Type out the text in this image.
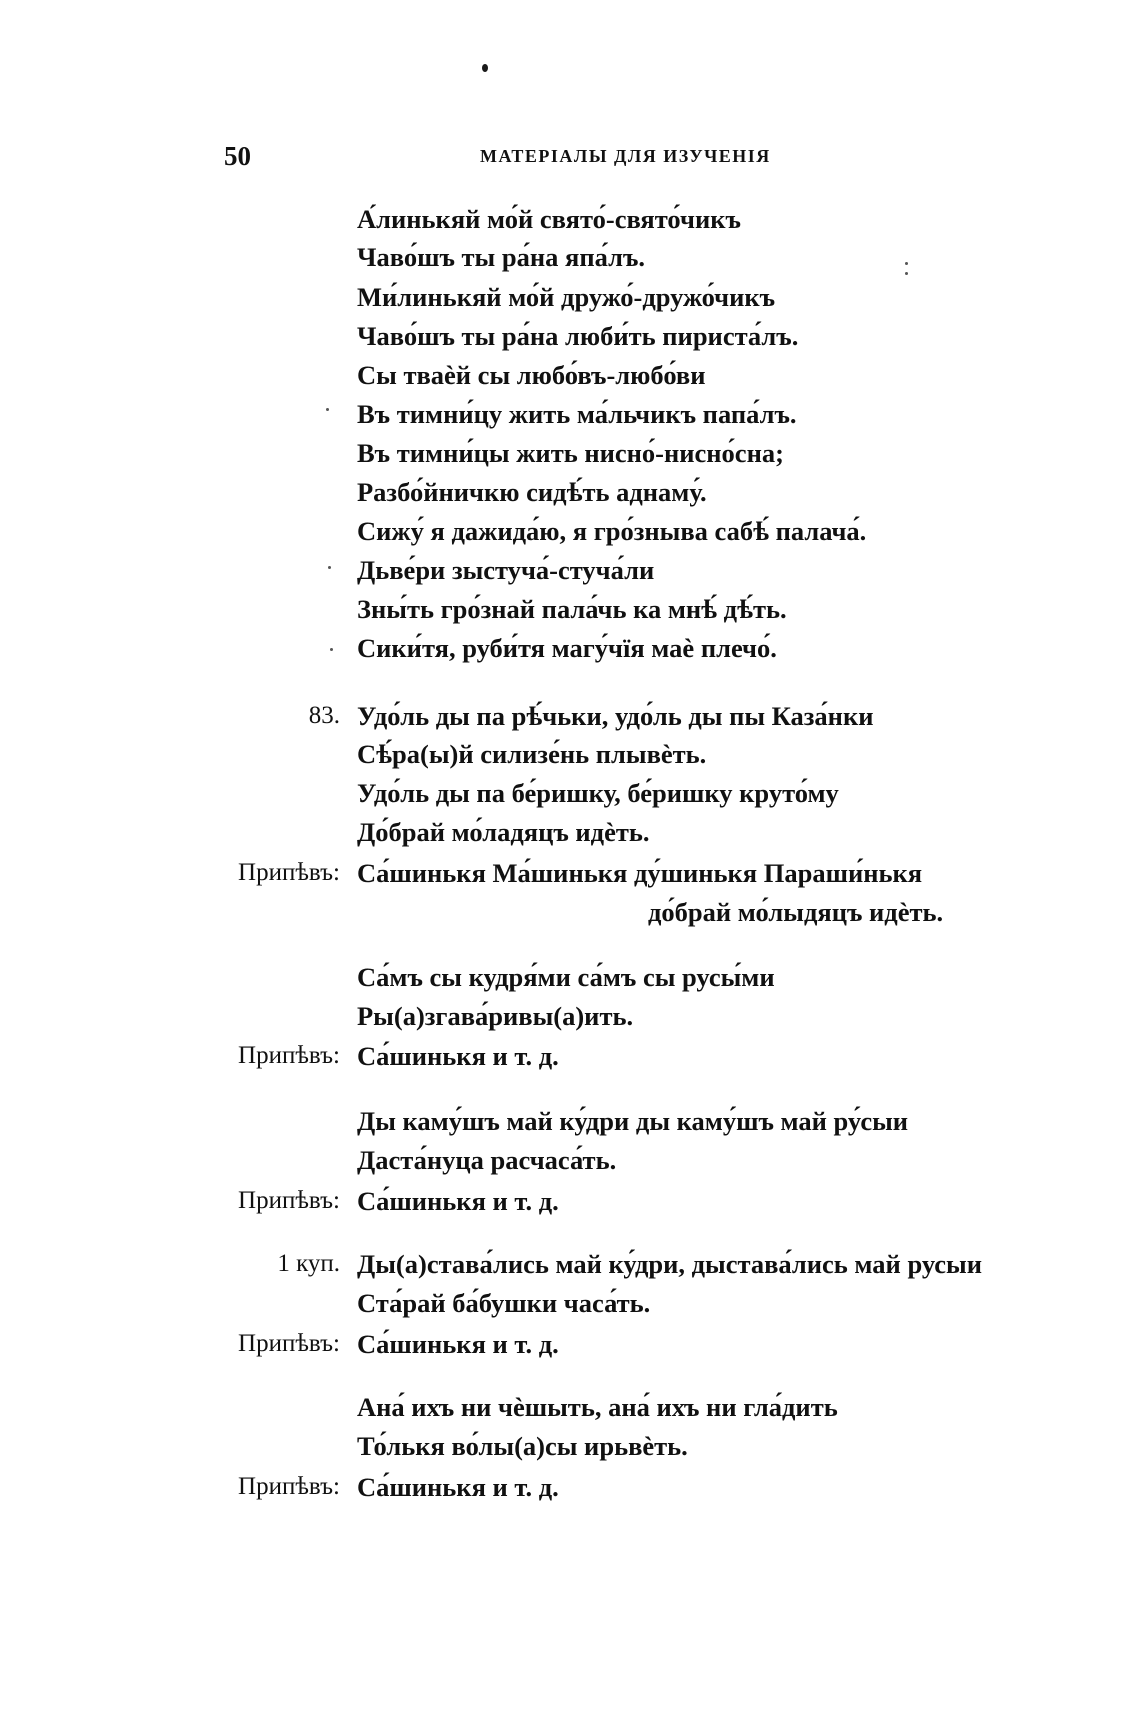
50	МАТЕРІАЛЫ ДЛЯ ИЗУЧЕНІЯ
А́линькяй мо́й свято́-свято́чикъ
Чаво́шъ ты ра́на япа́лъ.
Ми́линькяй мо́й дружо́-дружо́чикъ
Чаво́шъ ты ра́на люби́ть пириста́лъ.
Сы тваѐй сы любо́въ-любо́ви
Въ тимни́цу жить ма́льчикъ папа́лъ.
Въ тимни́цы жить нисно́-нисно́сна;
Разбо́йничкю сидѣ́ть аднаму́.
Сижу́ я дажида́ю, я гро́зныва сабѣ́ палача́.
Дьве́ри зыстуча́-стуча́ли
Зны́ть гро́знай пала́чь ка мнѣ́ дѣ́ть.
Сики́тя, руби́тя магу́чїя маѐ плечо́.
83. Удо́ль ды па рѣ́чьки, удо́ль ды пы Каза́нки
Сѣ́ра(ы)й силизе́нь плывѐть.
Удо́ль ды па бе́ришку, бе́ришку круто́му
До́брай мо́ладяцъ идѐть.
Припѣвъ: Са́шинькя Ма́шинькя ду́шинькя Параши́нькя
до́брай мо́лыдяцъ идѐть.
Са́мъ сы кудря́ми са́мъ сы русы́ми
Ры(а)згава́ривы(а)ить.
Припѣвъ: Са́шинькя и т. д.
Ды каму́шъ май ку́дри ды каму́шъ май ру́сыи
Даста́нуца расчаса́ть.
Припѣвъ: Са́шинькя и т. д.
1 куп. Ды(а)става́лись май ку́дри, дыстава́лись май русыи
Ста́рай ба́бушки часа́ть.
Припѣвъ: Са́шинькя и т. д.
Ана́ ихъ ни чѐшыть, ана́ ихъ ни гла́дить
То́лькя во́лы(а)сы ирьвѐть.
Припѣвъ: Са́шинькя и т. д.
